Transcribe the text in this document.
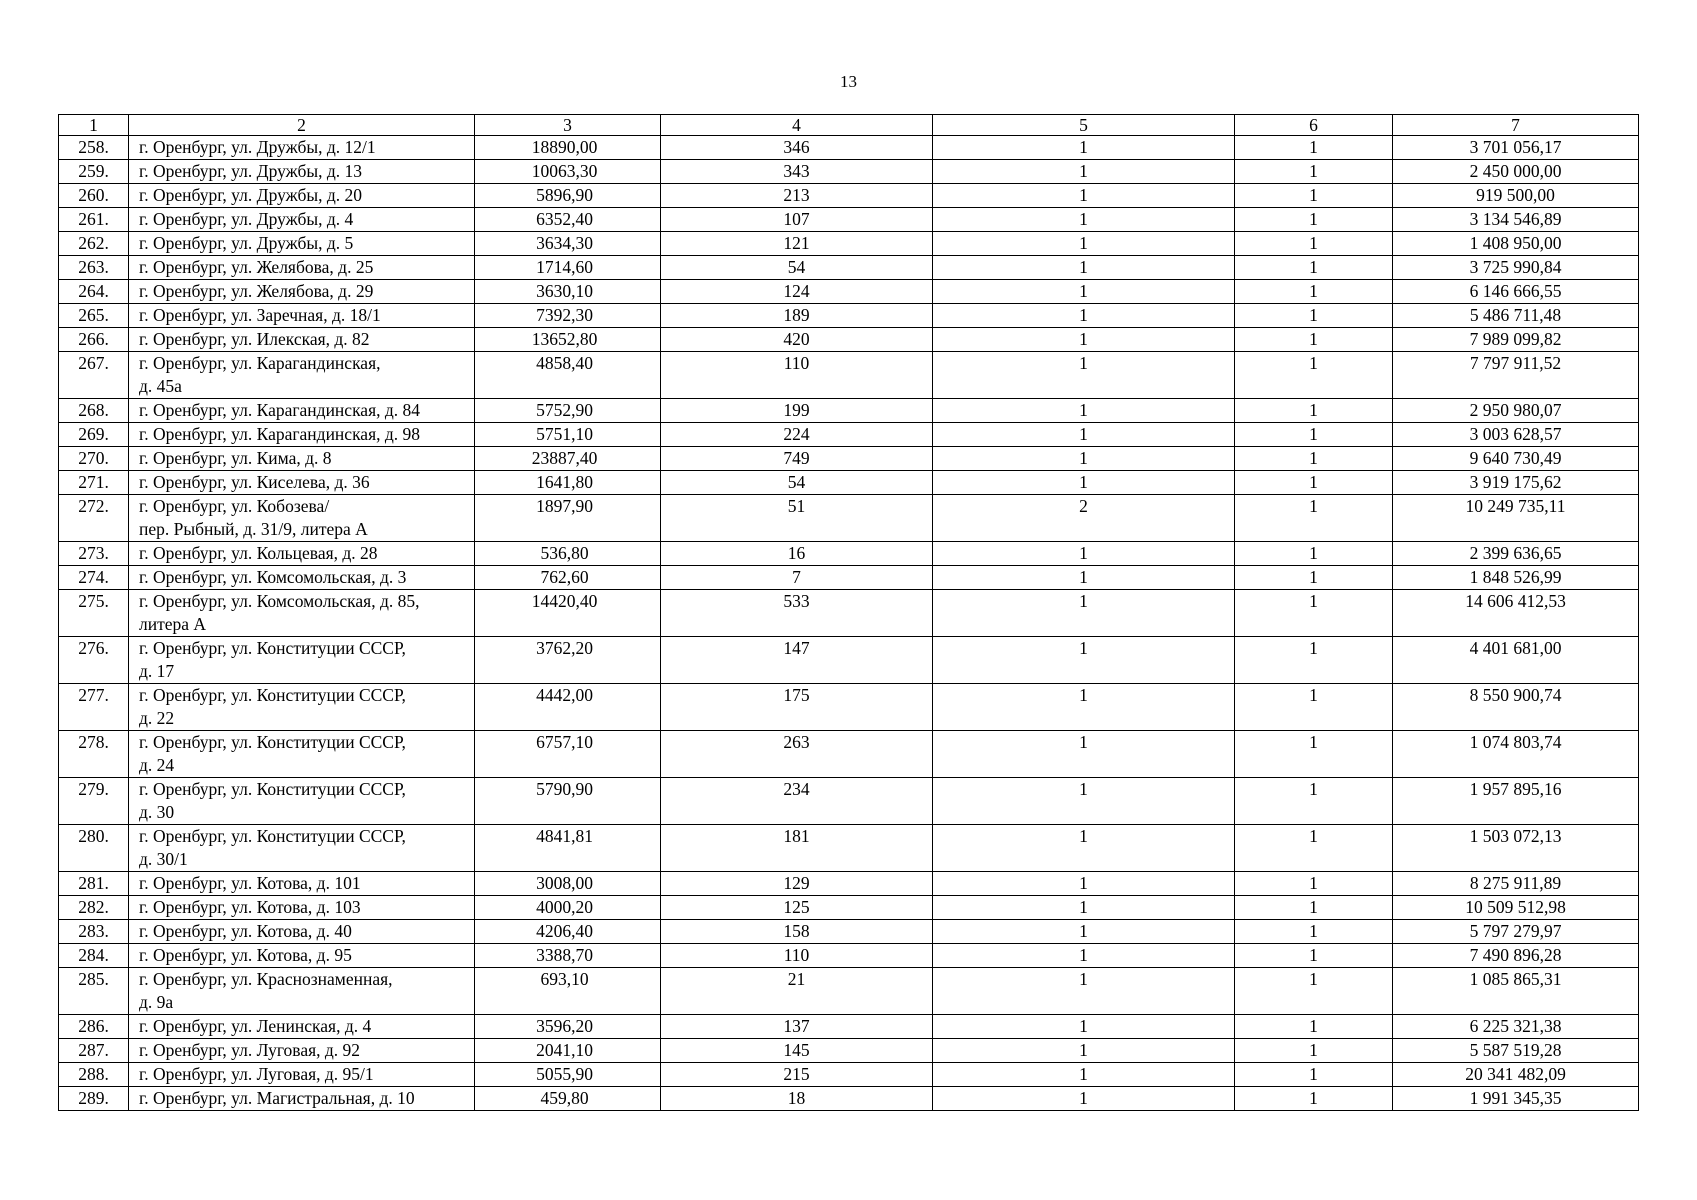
13
1	2	3	4	5	6	7
258.	г. Оренбург, ул. Дружбы, д. 12/1	18890,00	346	1	1	3 701 056,17
259.	г. Оренбург, ул. Дружбы, д. 13	10063,30	343	1	1	2 450 000,00
260.	г. Оренбург, ул. Дружбы, д. 20	5896,90	213	1	1	919 500,00
261.	г. Оренбург, ул. Дружбы, д. 4	6352,40	107	1	1	3 134 546,89
262.	г. Оренбург, ул. Дружбы, д. 5	3634,30	121	1	1	1 408 950,00
263.	г. Оренбург, ул. Желябова, д. 25	1714,60	54	1	1	3 725 990,84
264.	г. Оренбург, ул. Желябова, д. 29	3630,10	124	1	1	6 146 666,55
265.	г. Оренбург, ул. Заречная, д. 18/1	7392,30	189	1	1	5 486 711,48
266.	г. Оренбург, ул. Илекская, д. 82	13652,80	420	1	1	7 989 099,82
267.	г. Оренбург, ул. Карагандинская,
д. 45а	4858,40	110	1	1	7 797 911,52
268.	г. Оренбург, ул. Карагандинская, д. 84	5752,90	199	1	1	2 950 980,07
269.	г. Оренбург, ул. Карагандинская, д. 98	5751,10	224	1	1	3 003 628,57
270.	г. Оренбург, ул. Кима, д. 8	23887,40	749	1	1	9 640 730,49
271.	г. Оренбург, ул. Киселева, д. 36	1641,80	54	1	1	3 919 175,62
272.	г. Оренбург, ул. Кобозева/
пер. Рыбный, д. 31/9, литера А	1897,90	51	2	1	10 249 735,11
273.	г. Оренбург, ул. Кольцевая, д. 28	536,80	16	1	1	2 399 636,65
274.	г. Оренбург, ул. Комсомольская, д. 3	762,60	7	1	1	1 848 526,99
275.	г. Оренбург, ул. Комсомольская, д. 85,
литера А	14420,40	533	1	1	14 606 412,53
276.	г. Оренбург, ул. Конституции СССР,
д. 17	3762,20	147	1	1	4 401 681,00
277.	г. Оренбург, ул. Конституции СССР,
д. 22	4442,00	175	1	1	8 550 900,74
278.	г. Оренбург, ул. Конституции СССР,
д. 24	6757,10	263	1	1	1 074 803,74
279.	г. Оренбург, ул. Конституции СССР,
д. 30	5790,90	234	1	1	1 957 895,16
280.	г. Оренбург, ул. Конституции СССР,
д. 30/1	4841,81	181	1	1	1 503 072,13
281.	г. Оренбург, ул. Котова, д. 101	3008,00	129	1	1	8 275 911,89
282.	г. Оренбург, ул. Котова, д. 103	4000,20	125	1	1	10 509 512,98
283.	г. Оренбург, ул. Котова, д. 40	4206,40	158	1	1	5 797 279,97
284.	г. Оренбург, ул. Котова, д. 95	3388,70	110	1	1	7 490 896,28
285.	г. Оренбург, ул. Краснознаменная,
д. 9а	693,10	21	1	1	1 085 865,31
286.	г. Оренбург, ул. Ленинская, д. 4	3596,20	137	1	1	6 225 321,38
287.	г. Оренбург, ул. Луговая, д. 92	2041,10	145	1	1	5 587 519,28
288.	г. Оренбург, ул. Луговая, д. 95/1	5055,90	215	1	1	20 341 482,09
289.	г. Оренбург, ул. Магистральная, д. 10	459,80	18	1	1	1 991 345,35
